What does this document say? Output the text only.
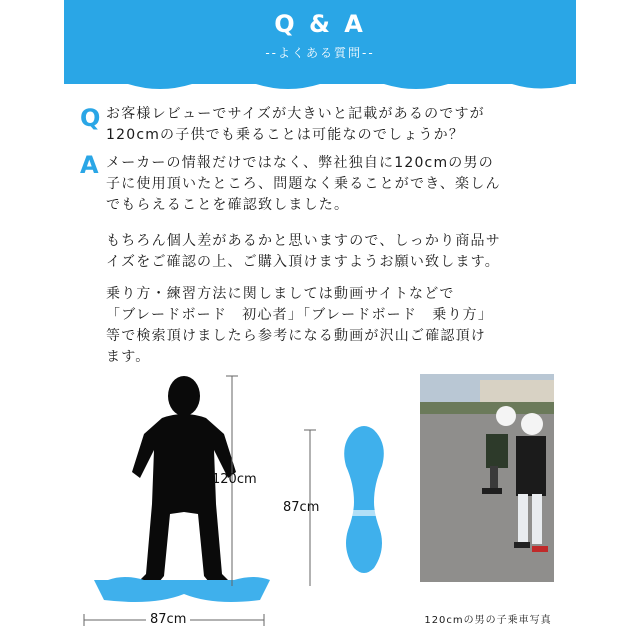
Q & A
--よくある質問--
Q お客様レビューでサイズが大きいと記載があるのですが
120cmの子供でも乗ることは可能なのでしょうか？
A メーカーの情報だけではなく、弊社独自に120cmの男の
子に使用頂いたところ、問題なく乗ることができ、楽しん
でもらえることを確認致しました。
もちろん個人差があるかと思いますので、しっかり商品サ
イズをご確認の上、ご購入頂けますようお願い致します。
乗り方・練習方法に関しましては動画サイトなどで
「ブレードボード　初心者」「ブレードボード　乗り方」
等で検索頂けましたら参考になる動画が沢山ご確認頂け
ます。
120cm
87cm
87cm	120cmの男の子乗車写真
